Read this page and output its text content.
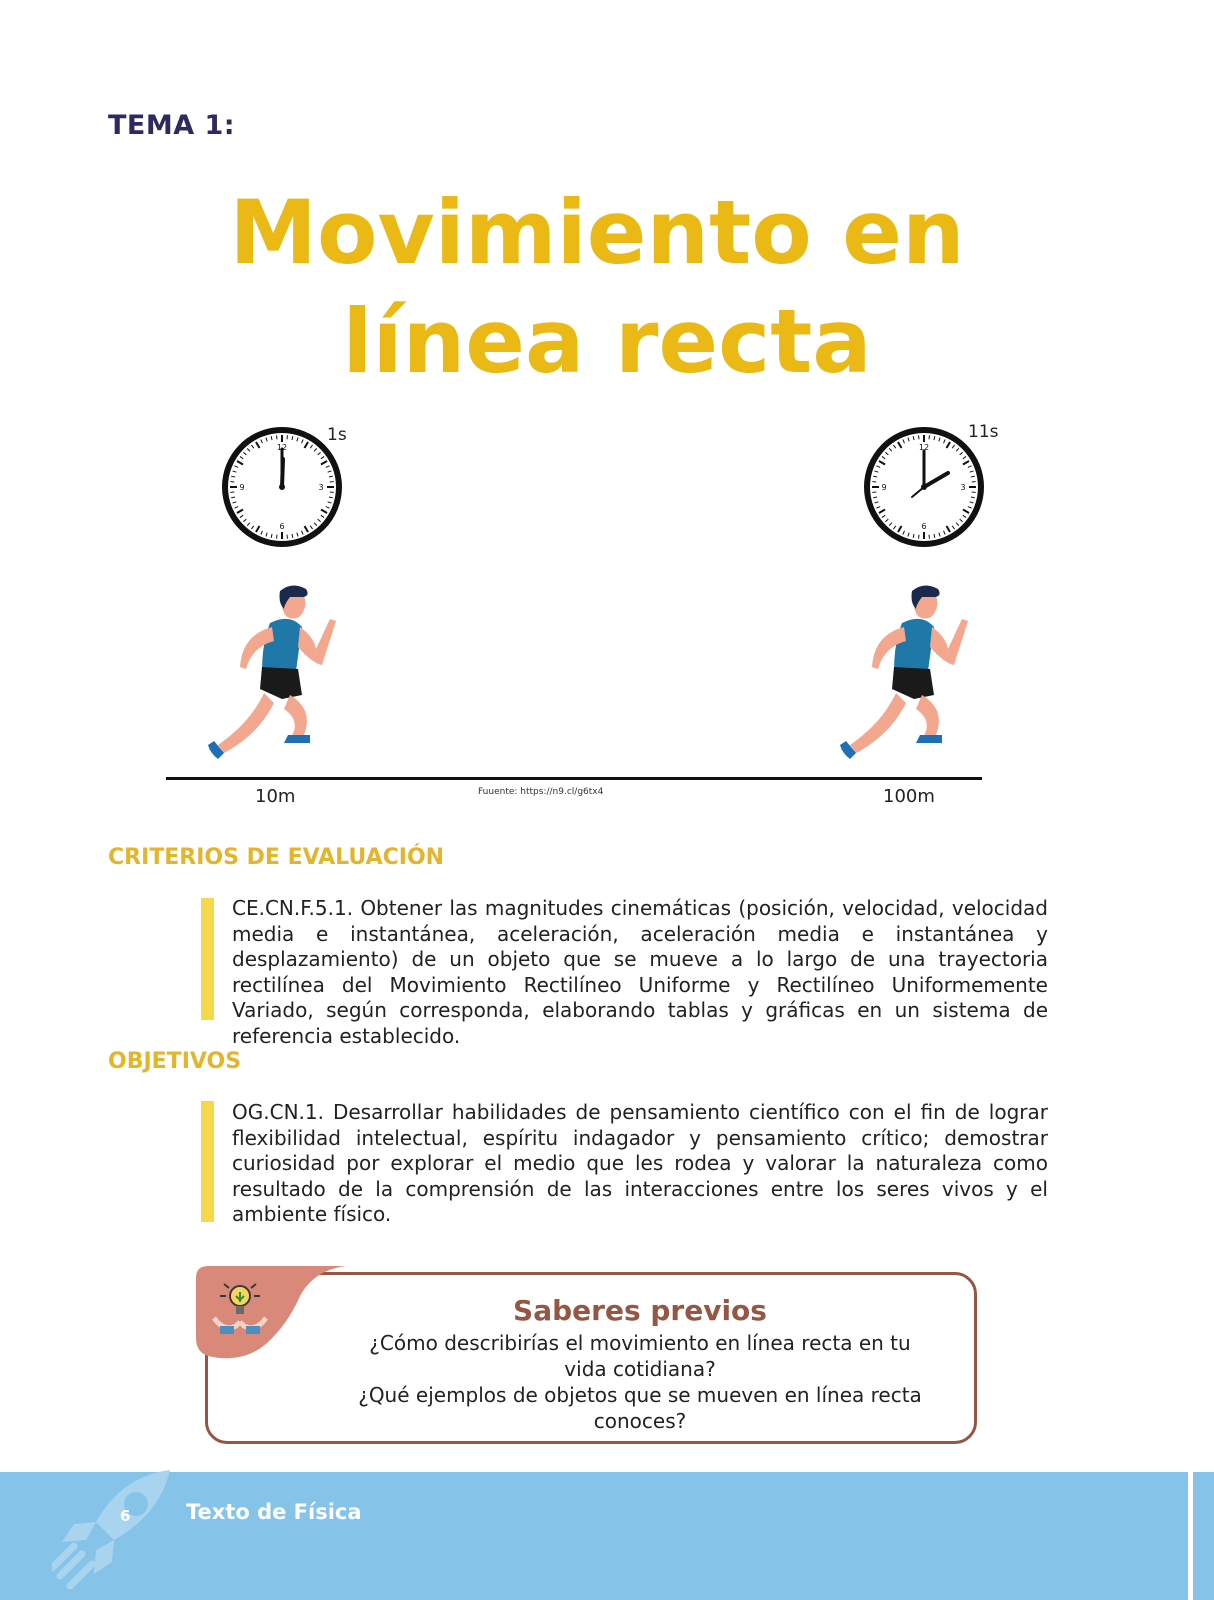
TEMA 1:
Movimiento en
línea recta
12
3
6
9
1s
12
3
6
9
11s
10m	Fuuente: https://n9.cl/g6tx4	100m
CRITERIOS DE EVALUACIÓN
CE.CN.F.5.1. Obtener las magnitudes cinemáticas (posición, velocidad, velocidad media e instantánea, aceleración, aceleración media e instantánea y desplazamiento) de un objeto que se mueve a lo largo de una trayectoria rectilínea del Movimiento Rectilíneo Uniforme y Rectilíneo Uniformemente Variado, según corresponda, elaborando tablas y gráficas en un sistema de referencia establecido.
OBJETIVOS
OG.CN.1. Desarrollar habilidades de pensamiento científico con el fin de lograr flexibilidad intelectual, espíritu indagador y pensamiento crítico; demostrar curiosidad por explorar el medio que les rodea y valorar la naturaleza como resultado de la comprensión de las interacciones entre los seres vivos y el ambiente físico.
Saberes previos
¿Cómo describirías el movimiento en línea recta en tu vida cotidiana?
¿Qué ejemplos de objetos que se mueven en línea recta conoces?
6	Texto de Física
